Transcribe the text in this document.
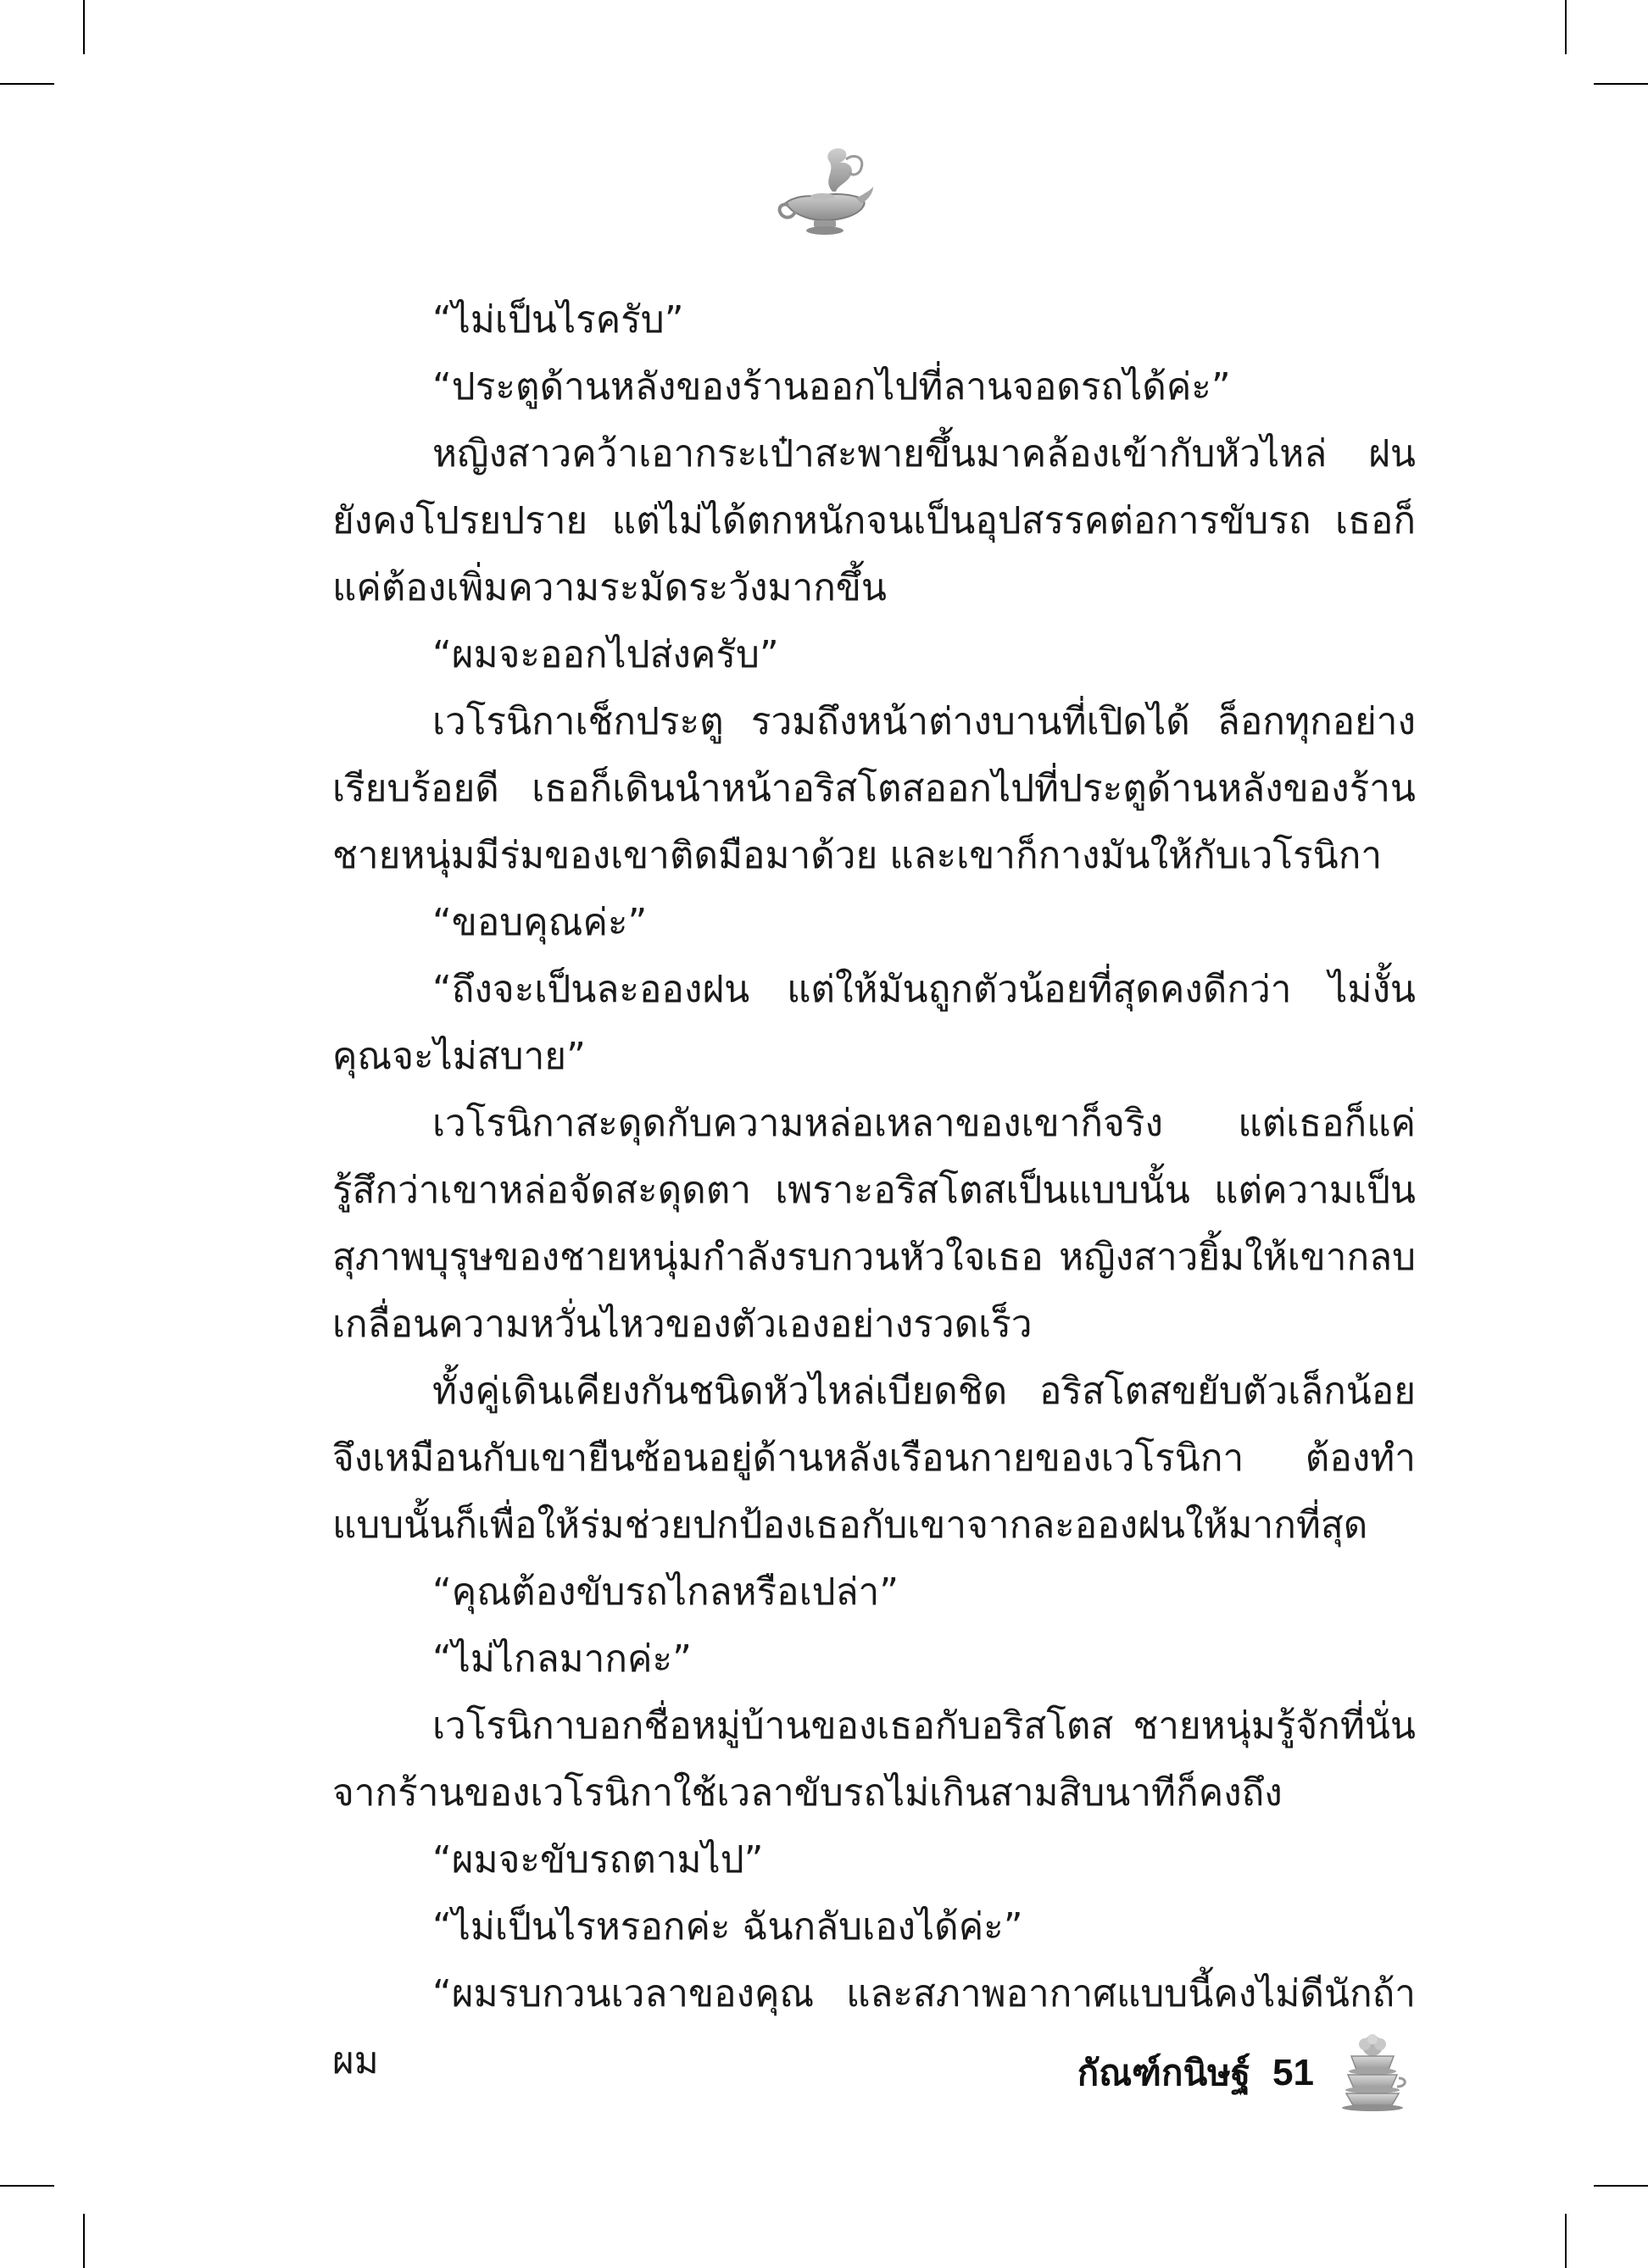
“ไม่เป็นไรครับ”

“ประตูด้านหลังของร้านออกไปที่ลานจอดรถได้ค่ะ”

หญิงสาวคว้าเอากระเป๋าสะพายขึ้นมาคล้องเข้ากับหัวไหล่ ฝนยังคงโปรยปราย แต่ไม่ได้ตกหนักจนเป็นอุปสรรคต่อการขับรถ เธอก็แค่ต้องเพิ่มความระมัดระวังมากขึ้น

“ผมจะออกไปส่งครับ”

เวโรนิกาเช็กประตู รวมถึงหน้าต่างบานที่เปิดได้ ล็อกทุกอย่างเรียบร้อยดี เธอก็เดินนำหน้าอริสโตสออกไปที่ประตูด้านหลังของร้าน ชายหนุ่มมีร่มของเขาติดมือมาด้วย และเขาก็กางมันให้กับเวโรนิกา

“ขอบคุณค่ะ”

“ถึงจะเป็นละอองฝน แต่ให้มันถูกตัวน้อยที่สุดคงดีกว่า ไม่งั้นคุณจะไม่สบาย”

เวโรนิกาสะดุดกับความหล่อเหลาของเขาก็จริง แต่เธอก็แค่รู้สึกว่าเขาหล่อจัดสะดุดตา เพราะอริสโตสเป็นแบบนั้น แต่ความเป็นสุภาพบุรุษของชายหนุ่มกำลังรบกวนหัวใจเธอ หญิงสาวยิ้มให้เขากลบเกลื่อนความหวั่นไหวของตัวเองอย่างรวดเร็ว

ทั้งคู่เดินเคียงกันชนิดหัวไหล่เบียดชิด อริสโตสขยับตัวเล็กน้อย จึงเหมือนกับเขายืนซ้อนอยู่ด้านหลังเรือนกายของเวโรนิกา ต้องทำแบบนั้นก็เพื่อให้ร่มช่วยปกป้องเธอกับเขาจากละอองฝนให้มากที่สุด

“คุณต้องขับรถไกลหรือเปล่า”

“ไม่ไกลมากค่ะ”

เวโรนิกาบอกชื่อหมู่บ้านของเธอกับอริสโตส ชายหนุ่มรู้จักที่นั่น จากร้านของเวโรนิกาใช้เวลาขับรถไม่เกินสามสิบนาทีก็คงถึง

“ผมจะขับรถตามไป”

“ไม่เป็นไรหรอกค่ะ ฉันกลับเองได้ค่ะ”

“ผมรบกวนเวลาของคุณ และสภาพอากาศแบบนี้คงไม่ดีนักถ้าผม	กัณฑ์กนิษฐ์ 51
